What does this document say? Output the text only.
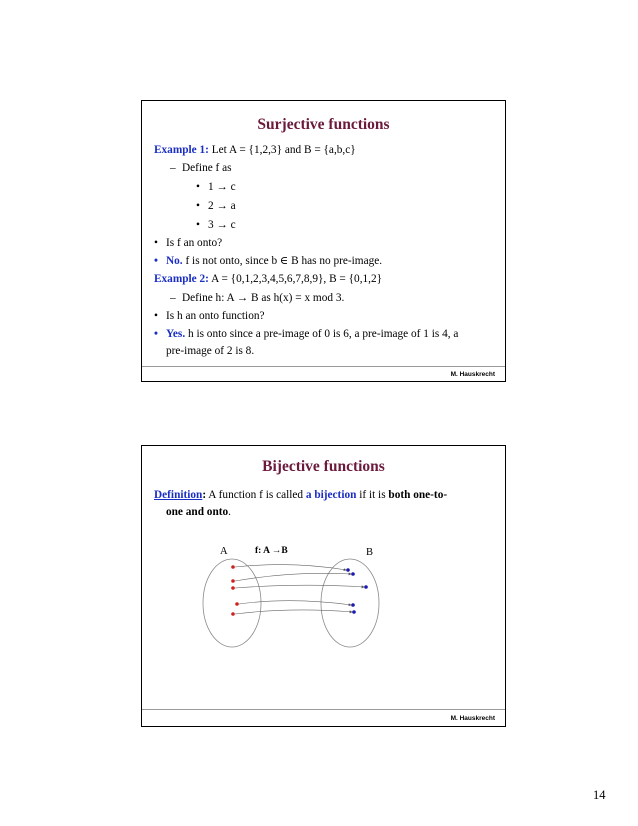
Surjective functions
Example 1: Let A = {1,2,3} and B = {a,b,c}
– Define f as
• 1 → c
• 2 → a
• 3 → c
• Is f an onto?
• No. f is not onto, since b ∈ B has no pre-image.
Example 2: A = {0,1,2,3,4,5,6,7,8,9}, B = {0,1,2}
– Define h: A → B as h(x) = x mod 3.
• Is h an onto function?
• Yes. h is onto since a pre-image of 0 is 6, a pre-image of 1 is 4, a
pre-image of 2 is 8.
M. Hauskrecht
Bijective functions
Definition: A function f is called a bijection if it is both one-to-
one and onto.
A	f: A →B	B
M. Hauskrecht
14
